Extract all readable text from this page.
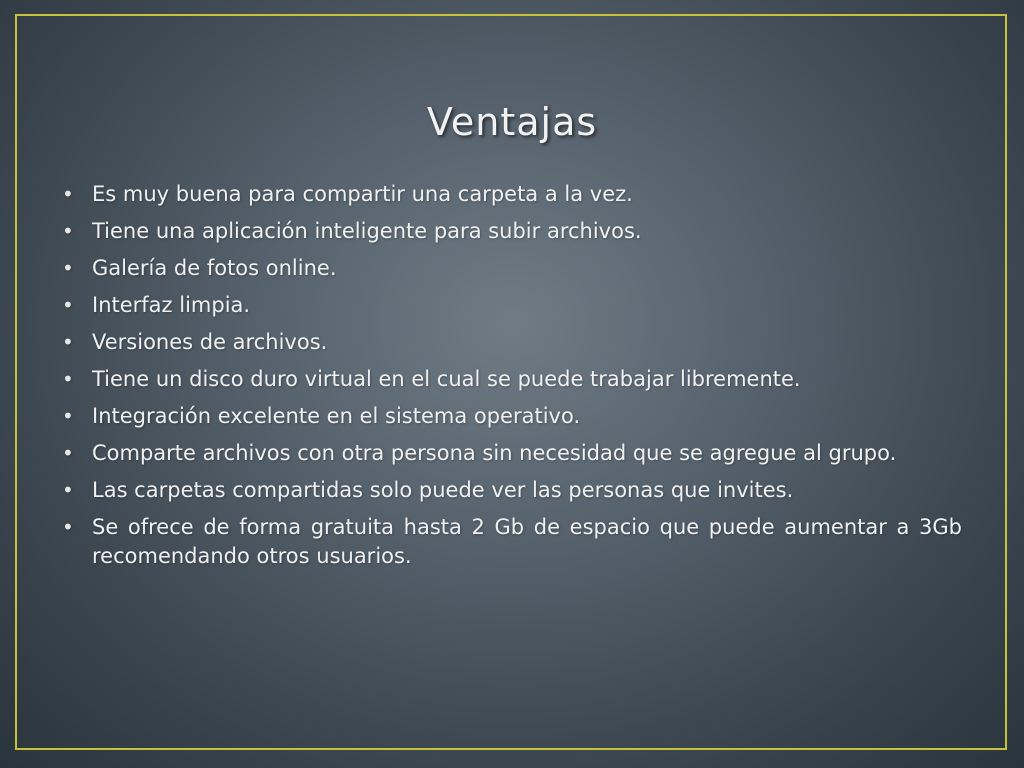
Ventajas
• Es muy buena para compartir una carpeta a la vez.
• Tiene una aplicación inteligente para subir archivos.
• Galería de fotos online.
• Interfaz limpia.
• Versiones de archivos.
• Tiene un disco duro virtual en el cual se puede trabajar libremente.
• Integración excelente en el sistema operativo.
• Comparte archivos con otra persona sin necesidad que se agregue al grupo.
• Las carpetas compartidas solo puede ver las personas que invites.
• Se ofrece de forma gratuita hasta 2 Gb de espacio que puede aumentar a 3Gb recomendando otros usuarios.
